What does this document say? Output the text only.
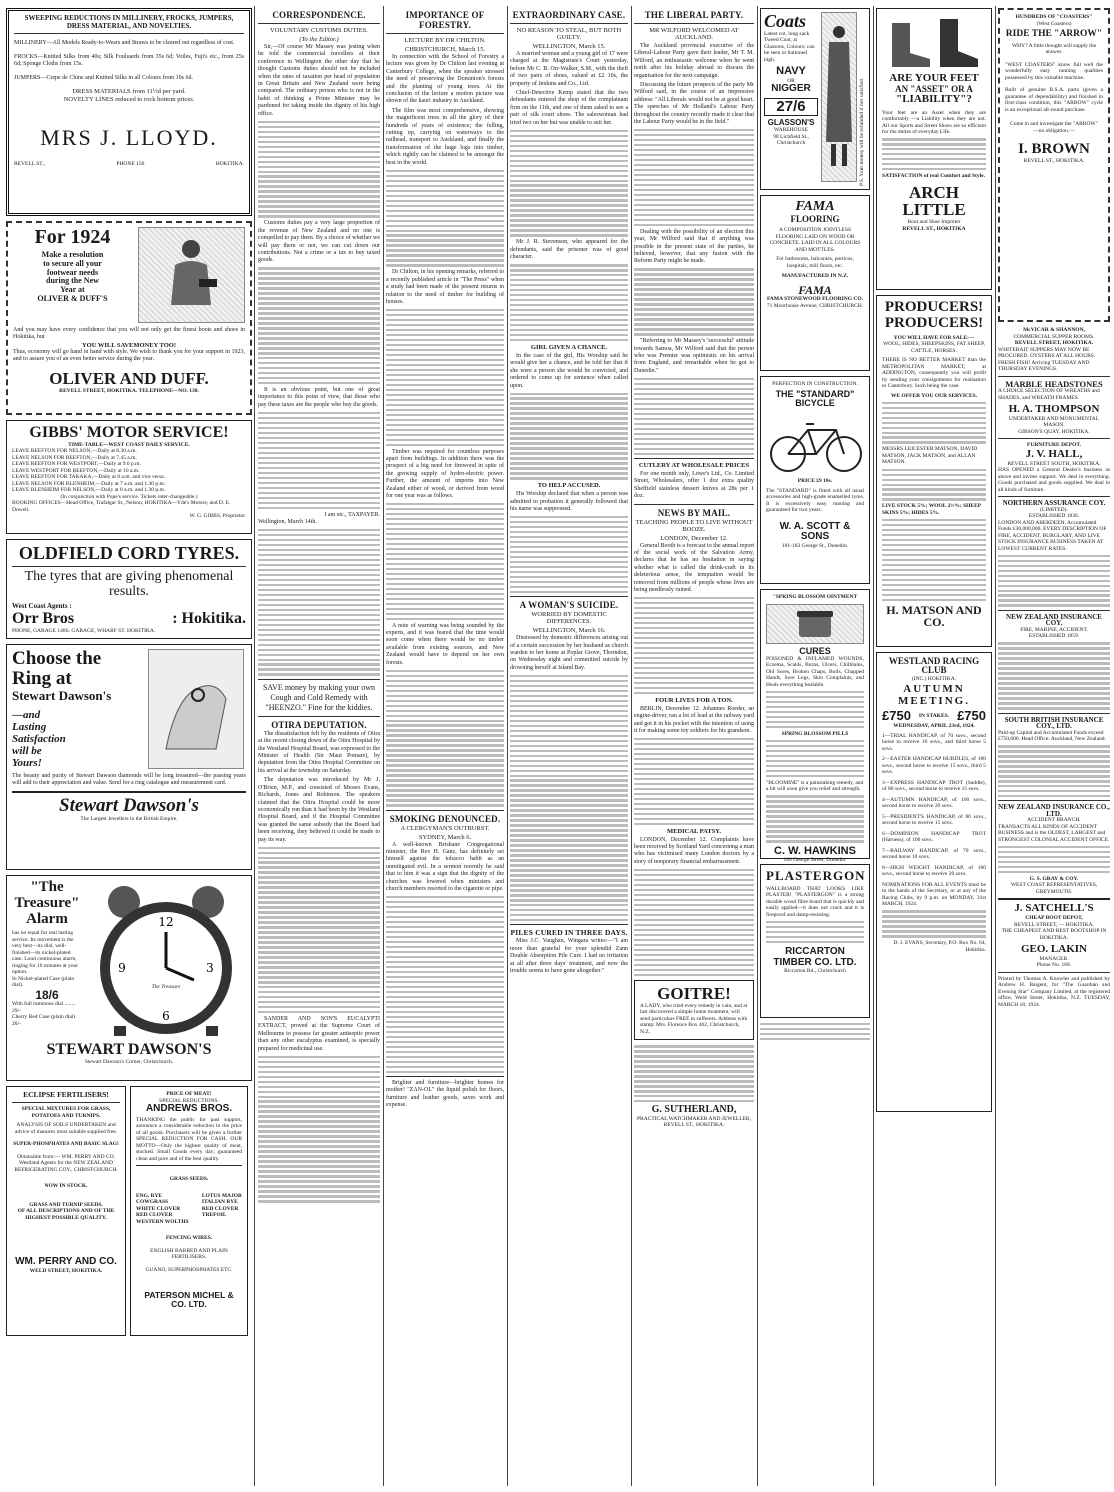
SWEEPING REDUCTIONS IN MILLINERY, FROCKS, JUMPERS, DRESS MATERIAL, AND NOVELTIES.
MILLINERY—All Models Ready-to-Wears and Straws to be cleared out regardless of cost.
FROCKS—Knitted Silks from 40s; Silk Fouluards from 35s 6d; Voiles, Fuji's etc., from 25s 6d; Sponge Cloths from 15s.
JUMPERS—Crepe de Chine and Knitted Silks in all Colours from 10s 6d.
DRESS MATERIALS from 11½d per yard.
NOVELTY LINES reduced to rock bottom prices.
MRS J. LLOYD.
REVELL ST.,	PHONE 150	HOKITIKA.
For 1924
Make a resolution
to secure all your
footwear needs
during the New
Year at
OLIVER & DUFF'S
And you may have every confidence that you will not only get the finest boots and shoes in Hokitika, but
YOU WILL SAVEMONEY TOO!
Thus, economy will go hand in hand with style. We wish to thank you for your support in 1923, and to assure you of an even better service during the year.
OLIVER AND DUFF.
REVELL STREET, HOKITIKA. TELEPHONE—NO. 130.
GIBBS' MOTOR SERVICE!
TIME-TABLE—WEST COAST DAILY SERVICE.
LEAVE REEFTON FOR NELSON,—Daily at 8.30 a.m.
LEAVE NELSON FOR REEFTON,—Daily at 7.45 a.m.
LEAVE REEFTON FOR WESTPORT,—Daily at 9.0 p.m.
LEAVE WESTPORT FOR REEFTON,—Daily at 10 a.m.
LEAVE REEFTON FOR TAKAKA,—Daily at 8 a.m. and vice versa.
LEAVE NELSON FOR BLENHEIM,—Daily at 7 a.m. and 1.30 p.m.
LEAVE BLENHEIM FOR NELSON,—Daily at 8 a.m. and 1.30 p.m.
(In conjunction with Pope's service. Tickets inter-changeable.)
BOOKING OFFICES—Head Office, Trafalgar St., Nelson; HOKITIKA—Yde's Motors; and D. E. Dowell.
W. G. GIBBS, Proprietor.
OLDFIELD CORD TYRES.
The tyres that are giving phenomenal results.
West Coast Agents :
Orr Bros	: Hokitika.
PHONE, GARAGE 148S. GARAGE, WHARF ST. HOKITIKA.
Choose the
Ring at
Stewart Dawson's
—and
Lasting
Satisfaction
will be
Yours!
The beauty and purity of Stewart Dawson diamonds will be long treasured—the passing years will add to their appreciation and value. Send for a ring catalogue and measurement card.
Stewart Dawson's
The Largest Jewellers in the British Empire.
"The
Treasure"
Alarm
has no equal for real lasting service. Its movement is the very best—its dial, well-finished—its nickel-plated case. Loud continuous alarm, ringing for 10 minutes at your option.
In Nickel-plated Case (plain dial).
18/6
With full luminous dial ........ 29/-
Cherry Red Case (plain dial) 20/-
12
3
6
9
The Treasure
STEWART DAWSON'S
Stewart Dawson's Corner, Christchurch.
ECLIPSE FERTILISERS!
SPECIAL MIXTURES FOR GRASS,
POTATOES AND TURNIPS.
ANALYSIS OF SOILS UNDERTAKEN and advice of manures most suitable supplied free.
SUPER-PHOSPHATES AND BASIC SLAG!
Obtainable from:— WM. PERRY AND CO. Westland Agents for the NEW ZEALAND REFRIGERATING COY., CHRISTCHURCH.
NOW IN STOCK.
GRASS AND TURNIP SEEDS.
OF ALL DESCRIPTIONS AND OF THE HIGHEST POSSIBLE QUALITY.
WM. PERRY AND CO.
WELD STREET, HOKITIKA.
PRICE OF MEAT!
SPECIAL REDUCTIONS.
ANDREWS BROS.
THANKING the public for past support, announce a considerable reduction in the price of all goods. Purchasers will be given a further SPECIAL REDUCTION FOR CASH. OUR MOTTO—Only the highest quality of meat, stocked. Small Goods every day; guaranteed clean and pure and of the best quality.
GRASS SEEDS.
ENG. RYE
COWGRASS
WHITE CLOVER
RED CLOVER
WESTERN WOLTHS
LOTUS MAJOR
ITALIAN RYE
RED CLOVER
TREFOIL
FENCING WIRES.
ENGLISH BARBED AND PLAIN FERTILISERS.
GUANO, SUPERPHOSPHATES ETC.
PATERSON MICHEL & CO. LTD.
CORRESPONDENCE.
VOLUNTARY CUSTOMS DUTIES.
(To the Editor.)
Sir,—Of course Mr Massey was jesting when he told the commercial travellers at their conference in Wellington the other day that he thought Customs duties should not be included when the rates of taxation per head of population in Great Britain and New Zealand were being compared. The ordinary person who is not in the habit of thinking a Prime Minister may be pardoned for taking inside the dignity of his high office.
Customs duties pay a very large proportion of the revenue of New Zealand and no one is compelled to pay them. By a choice of whether we will pay them or not, we can cut down our contributions. Not a crime or a tax to buy taxed goods.
It is an obvious point, but one of great importance to this point of view, that those who pay these taxes are the people who buy the goods.
I am etc., TAXPAYER.
Wellington, March 14th.
SAVE money by making your own Cough and Cold Remedy with "HEENZO." Fine for the kiddies.
OTIRA DEPUTATION.
The dissatisfaction felt by the residents of Otira at the recent closing down of the Otira Hospital by the Westland Hospital Board, was expressed to the Minister of Health (Sir Maui Pomare), by deputation from the Otira Hospital Committee on his arrival at the township on Saturday.
The deputation was introduced by Mr J. O'Brien, M.P., and consisted of Messrs Evans, Richards, Jones and Robinson. The speakers claimed that the Otira Hospital could be more economically run than it had been by the Westland Hospital Board, and if the Hospital Committee was granted the same subsidy that the Board had been receiving, they believed it could be made to pay its way.
SANDER AND SON'S EUCALYPTI EXTRACT, proved at the Supreme Court of Melbourne to possess far greater antiseptic power than any other eucalyptus examined, is specially prepared for medicinal use.
IMPORTANCE OF FORESTRY.
LECTURE BY DR CHILTON.
CHRISTCHURCH, March 15.
In connection with the School of Forestry a lecture was given by Dr Chilton last evening at Canterbury College, when the speaker stressed the need of preserving the Dominion's forests and the planting of young trees. At the conclusion of the lecture a motion picture was shown of the kauri industry in Auckland.
The film was most comprehensive, showing the magnificent trees in all the glory of their hundreds of years of existence; the felling, cutting up, carrying on waterways to the railhead, transport to Auckland, and finally the transformation of the huge logs into timber, which rightly can be claimed to be amongst the best in the world.
Dr Chilton, in his opening remarks, referred to a recently published article in "The Press" when a study had been made of the present returns in relation to the need of timber for building of houses.
Timber was required for countless purposes apart from buildings. In addition there was the prospect of a big need for firewood in spite of the growing supply of hydro-electric power. Further, the amount of imports into New Zealand either of wood, or derived from wood for one year was as follows.
A note of warning was being sounded by the experts, and it was feared that the time would soon come when there would be no timber available from existing sources, and New Zealand would have to depend on her own forests.
SMOKING DENOUNCED.
A CLERGYMAN'S OUTBURST.
SYDNEY, March 6.
A well-known Brisbane Congregational minister, the Rev H. Ganz, has definitely set himself against the tobacco habit as an unmitigated evil. In a sermon recently he said that to him it was a sign that the dignity of the churches was lowered when ministers and church members resorted to the cigarette or pipe.
Brighter and furniture—brighter homes for mother! "ZAN-OL" the liquid polish for floors, furniture and leather goods, saves work and expense.
EXTRAORDINARY CASE.
NO REASON TO STEAL, BUT BOTH GUILTY.
WELLINGTON, March 15.
A married woman and a young girl of 17 were charged at the Magistrate's Court yesterday, before Mr C. B. Orr-Walker, S.M., with the theft of two pairs of shoes, valued at £2 10s, the property of Jenkins and Co., Ltd.
Chief-Detective Kemp stated that the two defendants entered the shop of the complainant firm on the 11th, and one of them asked to see a pair of silk court shoes. The saleswoman had tried two on her but was unable to suit her.
Mr J. R. Stevenson, who appeared for the defendants, said the prisoner was of good character.
GIRL GIVEN A CHANCE.
In the case of the girl, His Worship said he would give her a chance, and he told her that if she were a person she would be convicted, and ordered to come up for sentence when called upon.
TO HELP ACCUSED.
His Worship declared that when a person was admitted to probation it generally followed that his name was suppressed.
A WOMAN'S SUICIDE.
WORRIED BY DOMESTIC DIFFERENCES.
WELLINGTON, March 16.
Distressed by domestic differences arising out of a certain succession by her husband as church warden to her home at Poplar Grove, Thorndon, on Wednesday night and committed suicide by drowning herself at Island Bay.
PILES CURED IN THREE DAYS.
Miss J.C. Vaughan, Wingara writes:—"I am more than grateful for your splendid Zann Double Absorption Pile Cure. I had no irritation at all after three days' treatment, and now the trouble seems to have gone altogether."
THE LIBERAL PARTY.
MR WILFORD WELCOMED AT AUCKLAND.
The Auckland provincial executive of the Liberal-Labour Party gave their leader, Mr T. M. Wilford, an enthusiastic welcome when he went north after his holiday abroad to discuss the organisation for the next campaign.
Discussing the future prospects of the party Mr Wilford said, in the course of an impressive address: "All Liberals would not be at good heart. The speeches of Mr Holland's Labour Party throughout the country recently made it clear that the Labour Party would be in the field."
Dealing with the possibility of an election this year, Mr Wilford said that if anything was possible in the present state of the parties, he believed, however, that any fusion with the Reform Party might be made.
"Referring to Mr Massey's 'successful' attitude towards Samoa, Mr Wilford said that the person who was Premier was optimistic on his arrival from England, and remarkable when he got to Dunedin."
CUTLERY AT WHOLESALE PRICES
For one month only, Lowe's Ltd., Co. Limited Street, Wholesalers, offer 1 doz extra quality Sheffield stainless dessert knives at 28s per 1 doz.
NEWS BY MAIL.
TEACHING PEOPLE TO LIVE WITHOUT BOOZE.
LONDON, December 12.
General Booth is a forecast to the annual report of the social work of the Salvation Army, declares that he has no hesitation in saying whether what is called the drink-craft in its deleterious sense, the temptation would be removed from millions of people whose lives are being needlessly ruined.
FOUR LIVES FOR A TON.
BERLIN, December 12. Johannes Roeder, an engine-driver, ran a lot of lead at the railway yard and got it in his pocket with the intention of using it for making some toy soldiers for his grandson.
MEDICAL PATSY.
LONDON, December 12. Complaints have been received by Scotland Yard concerning a man who has victimised many London doctors by a story of temporary financial embarrassment.
GOITRE!
A LADY, who tried every remedy in vain, and at last discovered a simple home treatment, will send particulars FREE to sufferers. Address with stamp: Mrs. Florence Box 462, Christchurch, N.Z.
G. SUTHERLAND,
PRACTICAL WATCHMAKER AND JEWELLER,
REVELL ST., HOKITIKA.
Coats
Latest cut, long sack Tweed Coat, at Glassons, Colours: can be seen or buttoned high.
NAVY
OR
NIGGER
27/6
GLASSON'S
WAREHOUSE
98 Lichfield St., Christchurch	P.S. Your money will be refunded if not satisfied.
FAMA
FLOORING
A COMPOSITION JOINTLESS FLOORING LAID ON WOOD OR CONCRETE. LAID IN ALL COLOURS AND MOTTLES.
For bathrooms, balconies, porticos, hospitals, mill floors, etc.
MANUFACTURED IN N.Z.
FAMA
FAMA STONEWOOD FLOORING CO.
71 Moorhouse Avenue, CHRISTCHURCH.
PERFECTION IN CONSTRUCTION.
THE "STANDARD" BICYCLE
PRICE £9 10s.
The "STANDARD" is fitted with all usual accessories and high-grade enamelled tyres. It is excessively easy running and guaranteed for two years.
W. A. SCOTT & SONS
181-183 George St., Dunedin.
"SPRING BLOSSOM OINTMENT
CURES
POISONED & INFLAMED WOUNDS, Eczema, Scalds, Burns, Ulcers, Chilblains, Old Sores, Broken Chaps, Boils, Chapped Hands, Sore Legs, Skin Complaints, and Heals everything healable.
SPRING BLOSSOM PILLS
"BLOOMINE" is a painstaking remedy, and a bit will soon give you relief and strength.
C. W. HAWKINS
180 George Street, Dunedin.
PLASTERGON
WALLBOARD THAT LOOKS LIKE PLASTER! "PLASTERGON" is a strong durable wood fibre board that is quickly and easily applied—it does not crack and it is fireproof and damp-resisting.
RICCARTON TIMBER CO. LTD.
Riccarton Rd., Christchurch
ARE YOUR FEET
AN "ASSET" OR A
"LIABILITY"?
Your feet are an Asset when they are comfortably —a Liability when they are not. All our Sports and Street Shoes are so efficient for the duties of everyday Life.
SATISFACTION of real Comfort and Style.
ARCH LITTLE
Boot and Shoe Importer
REVELL ST., HOKITIKA
PRODUCERS!
PRODUCERS!
YOU WILL HAVE FOR SALE:—
WOOL, HIDES, SHEEPSKINS, FAT SHEEP, CATTLE, HORSES.
THERE IS NO BETTER MARKET than the METROPOLITAN MARKET, at ADDINGTON, consequently you will profit by sending your consignments for realisation to Canterbury. Such being the case.
WE OFFER YOU OUR SERVICES.
MESSRS LEICESTER MATSON, DAVID MATSON, JACK MATSON, and ALLAN MATSON.
LIVE STOCK 5%; WOOL 2½%; SHEEP SKINS 5%; HIDES 5%.
H. MATSON AND CO.
WESTLAND RACING CLUB
(INC.) HOKITIKA.
AUTUMN MEETING.
£750 IN STAKES. £750
WEDNESDAY, APRIL 23rd, 1924.
1—TRIAL HANDICAP, of 70 sovs., second horse to receive 10 sovs., and third horse 5 sovs.
2—EASTER HANDICAP HURDLES, of 100 sovs., second horse to receive 15 sovs., third 5 sovs.
3—EXPRESS HANDICAP TROT (Saddle), of 80 sovs., second horse to receive 15 sovs.
4—AUTUMN HANDICAP, of 100 sovs., second horse to receive 20 sovs.
5—PRESIDENT'S HANDICAP, of 80 sovs., second horse to receive 15 sovs.
6—DOMINION HANDICAP TROT (Harness), of 100 sovs.
7—RAILWAY HANDICAP, of 70 sovs., second horse 10 sovs.
8—HIGH WEIGHT HANDICAP, of 100 sovs., second horse to receive 20 sovs.
NOMINATIONS FOR ALL EVENTS must be in the hands of the Secretary, or at any of the Racing Clubs, by 9 p.m. on MONDAY, 31st MARCH, 1924.
D. J. EVANS, Secretary, P.O. Box No. 64, Hokitika.
HUNDREDS OF "COASTERS"
(West Coasters)
RIDE THE "ARROW"
WHY? A little thought will supply the answer.
"WEST COASTERS" know full well the wonderfully easy running qualities possessed by this valuable machine.
Built of genuine B.S.A. parts (given a guarantee of dependability) and finished in first-class condition, this "ARROW" cycle is an exceptional all-round purchase.
Come in and investigate the "ARROW"
—no obligation.—
I. BROWN
REVELL ST., HOKITIKA.
McVICAR & SHANNON,
COMMERCIAL SUPPER ROOMS.
REVELL STREET, HOKITIKA.
WHITEBAIT SUPPERS MAY NOW BE PROCURED. OYSTERS AT ALL HOURS. FRESH FISH! Arriving TUESDAY AND THURSDAY EVENINGS.
MARBLE HEADSTONES
A CHOICE SELECTION OF WREATHS and SHADES, and WREATH FRAMES.
H. A. THOMPSON
UNDERTAKER AND MONUMENTAL MASON.
GIBSON'S QUAY, HOKITIKA.
FURNITURE DEPOT.
J. V. HALL,
REVELL STREET SOUTH, HOKITIKA.
HAS OPENED a General Dealer's business as above and invites support. We deal in everything. Goods purchased and goods supplied. We deal in all kinds of furniture.
NORTHERN ASSURANCE COY.
(LIMITED).
ESTABLISHED 1836.
LONDON AND ABERDEEN. Accumulated Funds £30,000,000. EVERY DESCRIPTION OF FIRE, ACCIDENT, BURGLARY, AND LIVE STOCK INSURANCE BUSINESS TAKEN AT LOWEST CURRENT RATES.
NEW ZEALAND INSURANCE COY.
FIRE, MARINE, ACCIDENT.
ESTABLISHED 1859.
SOUTH BRITISH INSURANCE COY., LTD.
Paid-up Capital and Accumulated Funds exceed £750,000. Head Office: Auckland, New Zealand.
NEW ZEALAND INSURANCE CO., LTD.
ACCIDENT BRANCH.
TRANSACTS ALL KINDS OF ACCIDENT BUSINESS and is the OLDEST, LARGEST and STRONGEST COLONIAL ACCIDENT OFFICE.
G. S. GRAY & COY.
WEST COAST REPRESENTATIVES, GREYMOUTH.
J. SATCHELL'S
CHEAP BOOT DEPOT,
REVELL STREET, — HOKITIKA.
THE CHEAPEST AND BEST BOOTSHOP IN HOKITIKA.
GEO. LAKIN
MANAGER.
Phone No. 168.
Printed by Thomas A. Knowles and published by Andrew H. Baigent, for "The Guardian and Evening Star" Company Limited, at the registered office, Weld Street, Hokitika, N.Z. TUESDAY, MARCH 18, 1924.
